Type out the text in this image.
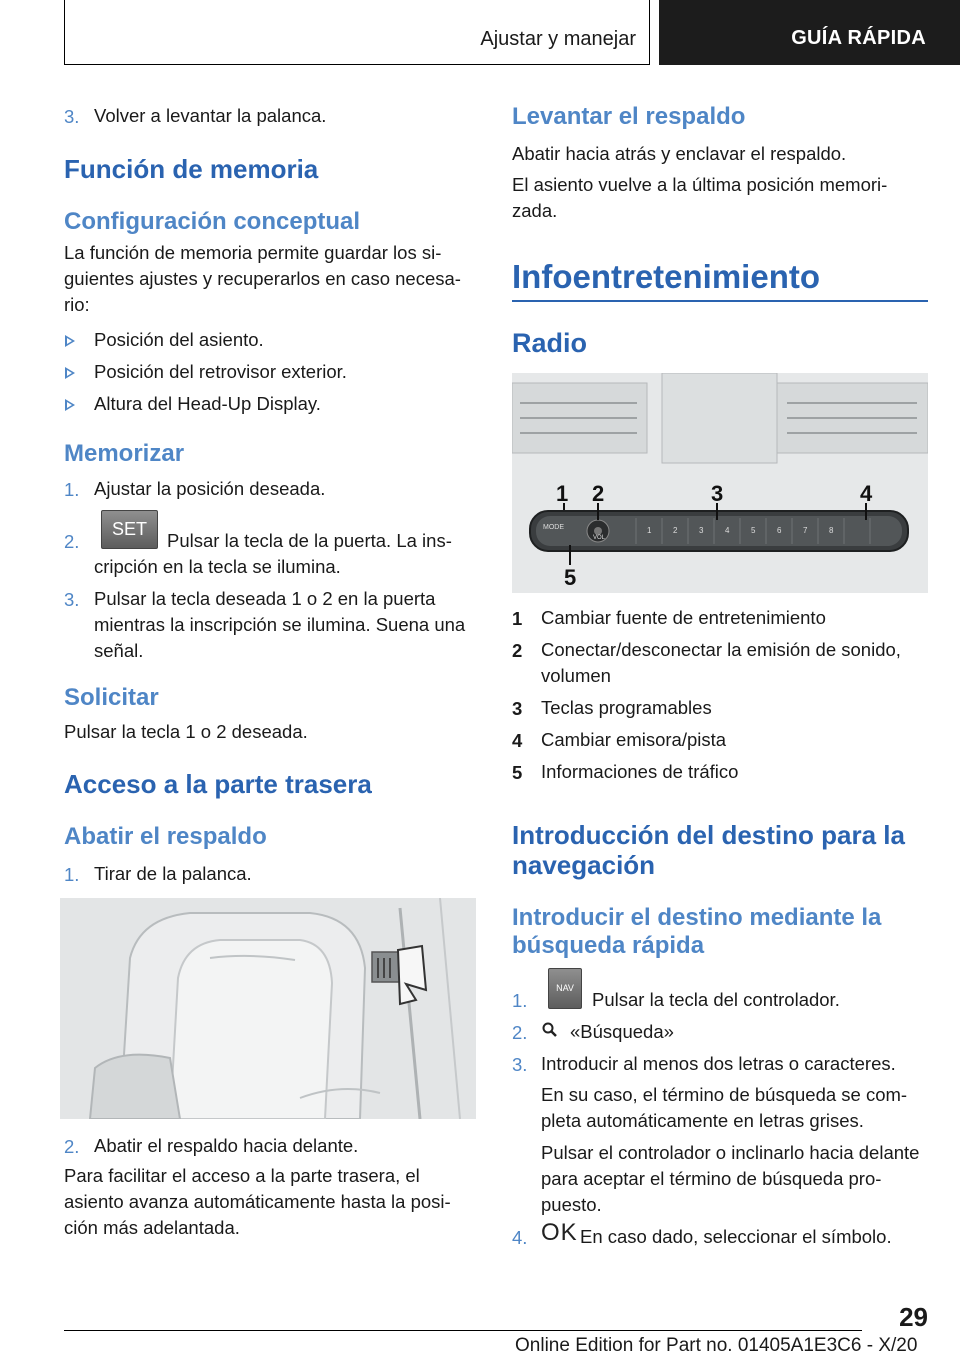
Ajustar y manejar	GUÍA RÁPIDA
3. Volver a levantar la palanca.
Función de memoria
Configuración conceptual
La función de memoria permite guardar los si‐
guientes ajustes y recuperarlos en caso necesa‐
rio:
Posición del asiento.
Posición del retrovisor exterior.
Altura del Head-Up Display.
Memorizar
1. Ajustar la posición deseada.
2.
SET
Pulsar la tecla de la puerta. La ins‐
cripción en la tecla se ilumina.
3. Pulsar la tecla deseada 1 o 2 en la puerta
mientras la inscripción se ilumina. Suena una
señal.
Solicitar
Pulsar la tecla 1 o 2 deseada.
Acceso a la parte trasera
Abatir el respaldo
1. Tirar de la palanca.
2. Abatir el respaldo hacia delante.
Para facilitar el acceso a la parte trasera, el
asiento avanza automáticamente hasta la posi‐
ción más adelantada.
Levantar el respaldo
Abatir hacia atrás y enclavar el respaldo.
El asiento vuelve a la última posición memori‐
zada.
Infoentretenimiento
Radio
1 2	3	4
5
MODE
VOL
1	2	3	4	5	6	7	8
1 Cambiar fuente de entretenimiento
2 Conectar/desconectar la emisión de sonido,
volumen
3 Teclas programables
4 Cambiar emisora/pista
5 Informaciones de tráfico
Introducción del destino para la
navegación
Introducir el destino mediante la
búsqueda rápida
1.
NAV
Pulsar la tecla del controlador.
2. «Búsqueda»
3. Introducir al menos dos letras o caracteres.
En su caso, el término de búsqueda se com‐
pleta automáticamente en letras grises.
Pulsar el controlador o inclinarlo hacia delante
para aceptar el término de búsqueda pro‐
puesto.
4. OK En caso dado, seleccionar el símbolo.
29
Online Edition for Part no. 01405A1E3C6 - X/20
